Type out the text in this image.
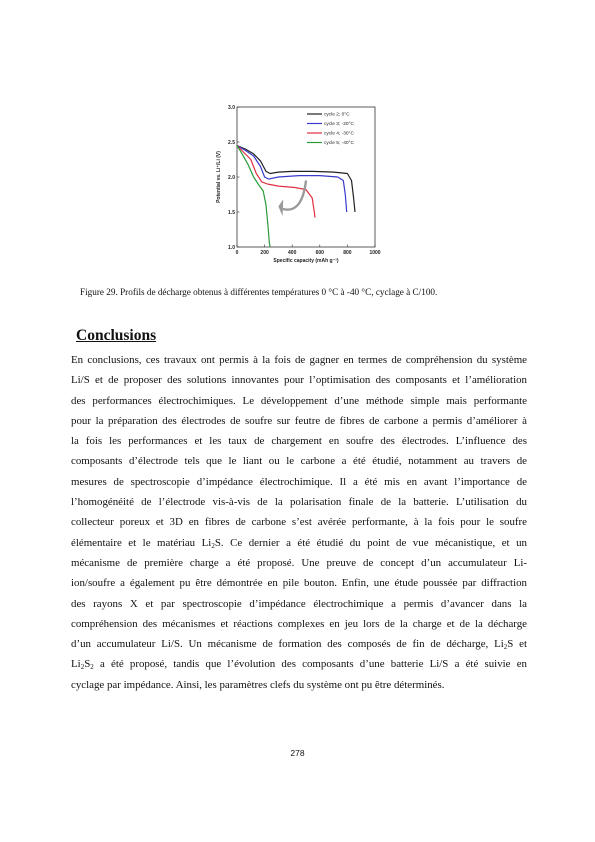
0	200	400	600	800	1000
1.0
1.5
2.0
2.5
3.0
Specific capacity (mAh g⁻¹)
Potential vs. Li⁺/Li (V)
cycle 2; 0°C
cycle 3; -20°C
cycle 4; -30°C
cycle 5; -40°C
Figure 29. Profils de décharge obtenus à différentes températures 0 °C à -40 °C, cyclage à C/100.
Conclusions
En conclusions, ces travaux ont permis à la fois de gagner en termes de compréhension du système
Li/S et de proposer des solutions innovantes pour l’optimisation des composants et l’amélioration
des performances électrochimiques. Le développement d’une méthode simple mais performante
pour la préparation des électrodes de soufre sur feutre de fibres de carbone a permis d’améliorer à
la fois les performances et les taux de chargement en soufre des électrodes. L’influence des
composants d’électrode tels que le liant ou le carbone a été étudié, notamment au travers de
mesures de spectroscopie d’impédance électrochimique. Il a été mis en avant l’importance de
l’homogénéité de l’électrode vis-à-vis de la polarisation finale de la batterie. L’utilisation du
collecteur poreux et 3D en fibres de carbone s’est avérée performante, à la fois pour le soufre
élémentaire et le matériau $Li_2S$. Ce dernier a été étudié du point de vue mécanistique, et un
mécanisme de première charge a été proposé. Une preuve de concept d’un accumulateur Li-
ion/soufre a également pu être démontrée en pile bouton. Enfin, une étude poussée par diffraction
des rayons X et par spectroscopie d’impédance électrochimique a permis d’avancer dans la
compréhension des mécanismes et réactions complexes en jeu lors de la charge et de la décharge
d’un accumulateur Li/S. Un mécanisme de formation des composés de fin de décharge, $Li_2S$ et
$Li_2S_2$ a été proposé, tandis que l’évolution des composants d’une batterie Li/S a été suivie en
cyclage par impédance. Ainsi, les paramètres clefs du système ont pu être déterminés.
278
